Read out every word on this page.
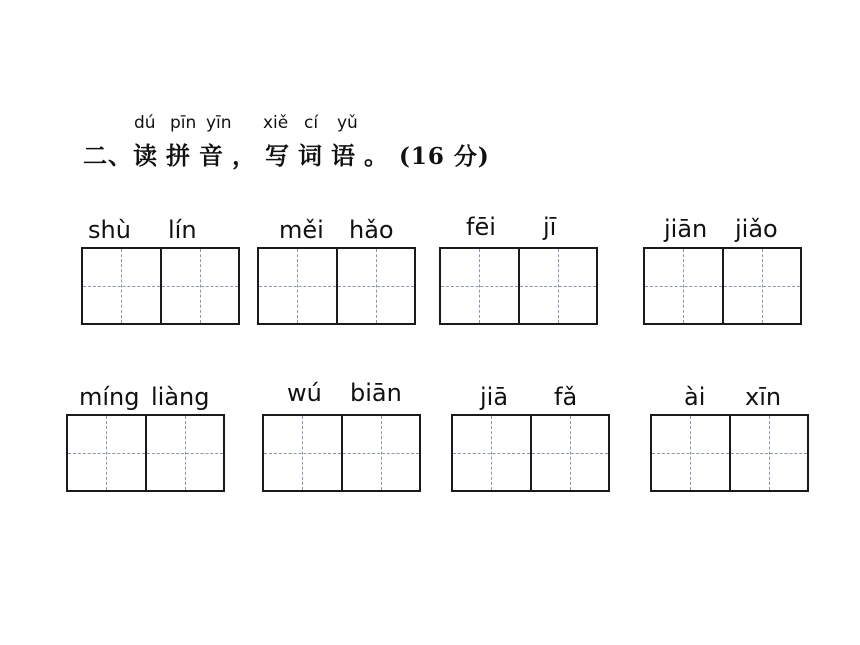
dú pīn yīn xiě cí yǔ
二、读 拼 音 ， 写 词 语 。 (16 分)
shù lín	měi hǎo	fēi jī	jiān jiǎo
míng liàng	wú biān	jiā fǎ	ài xīn
